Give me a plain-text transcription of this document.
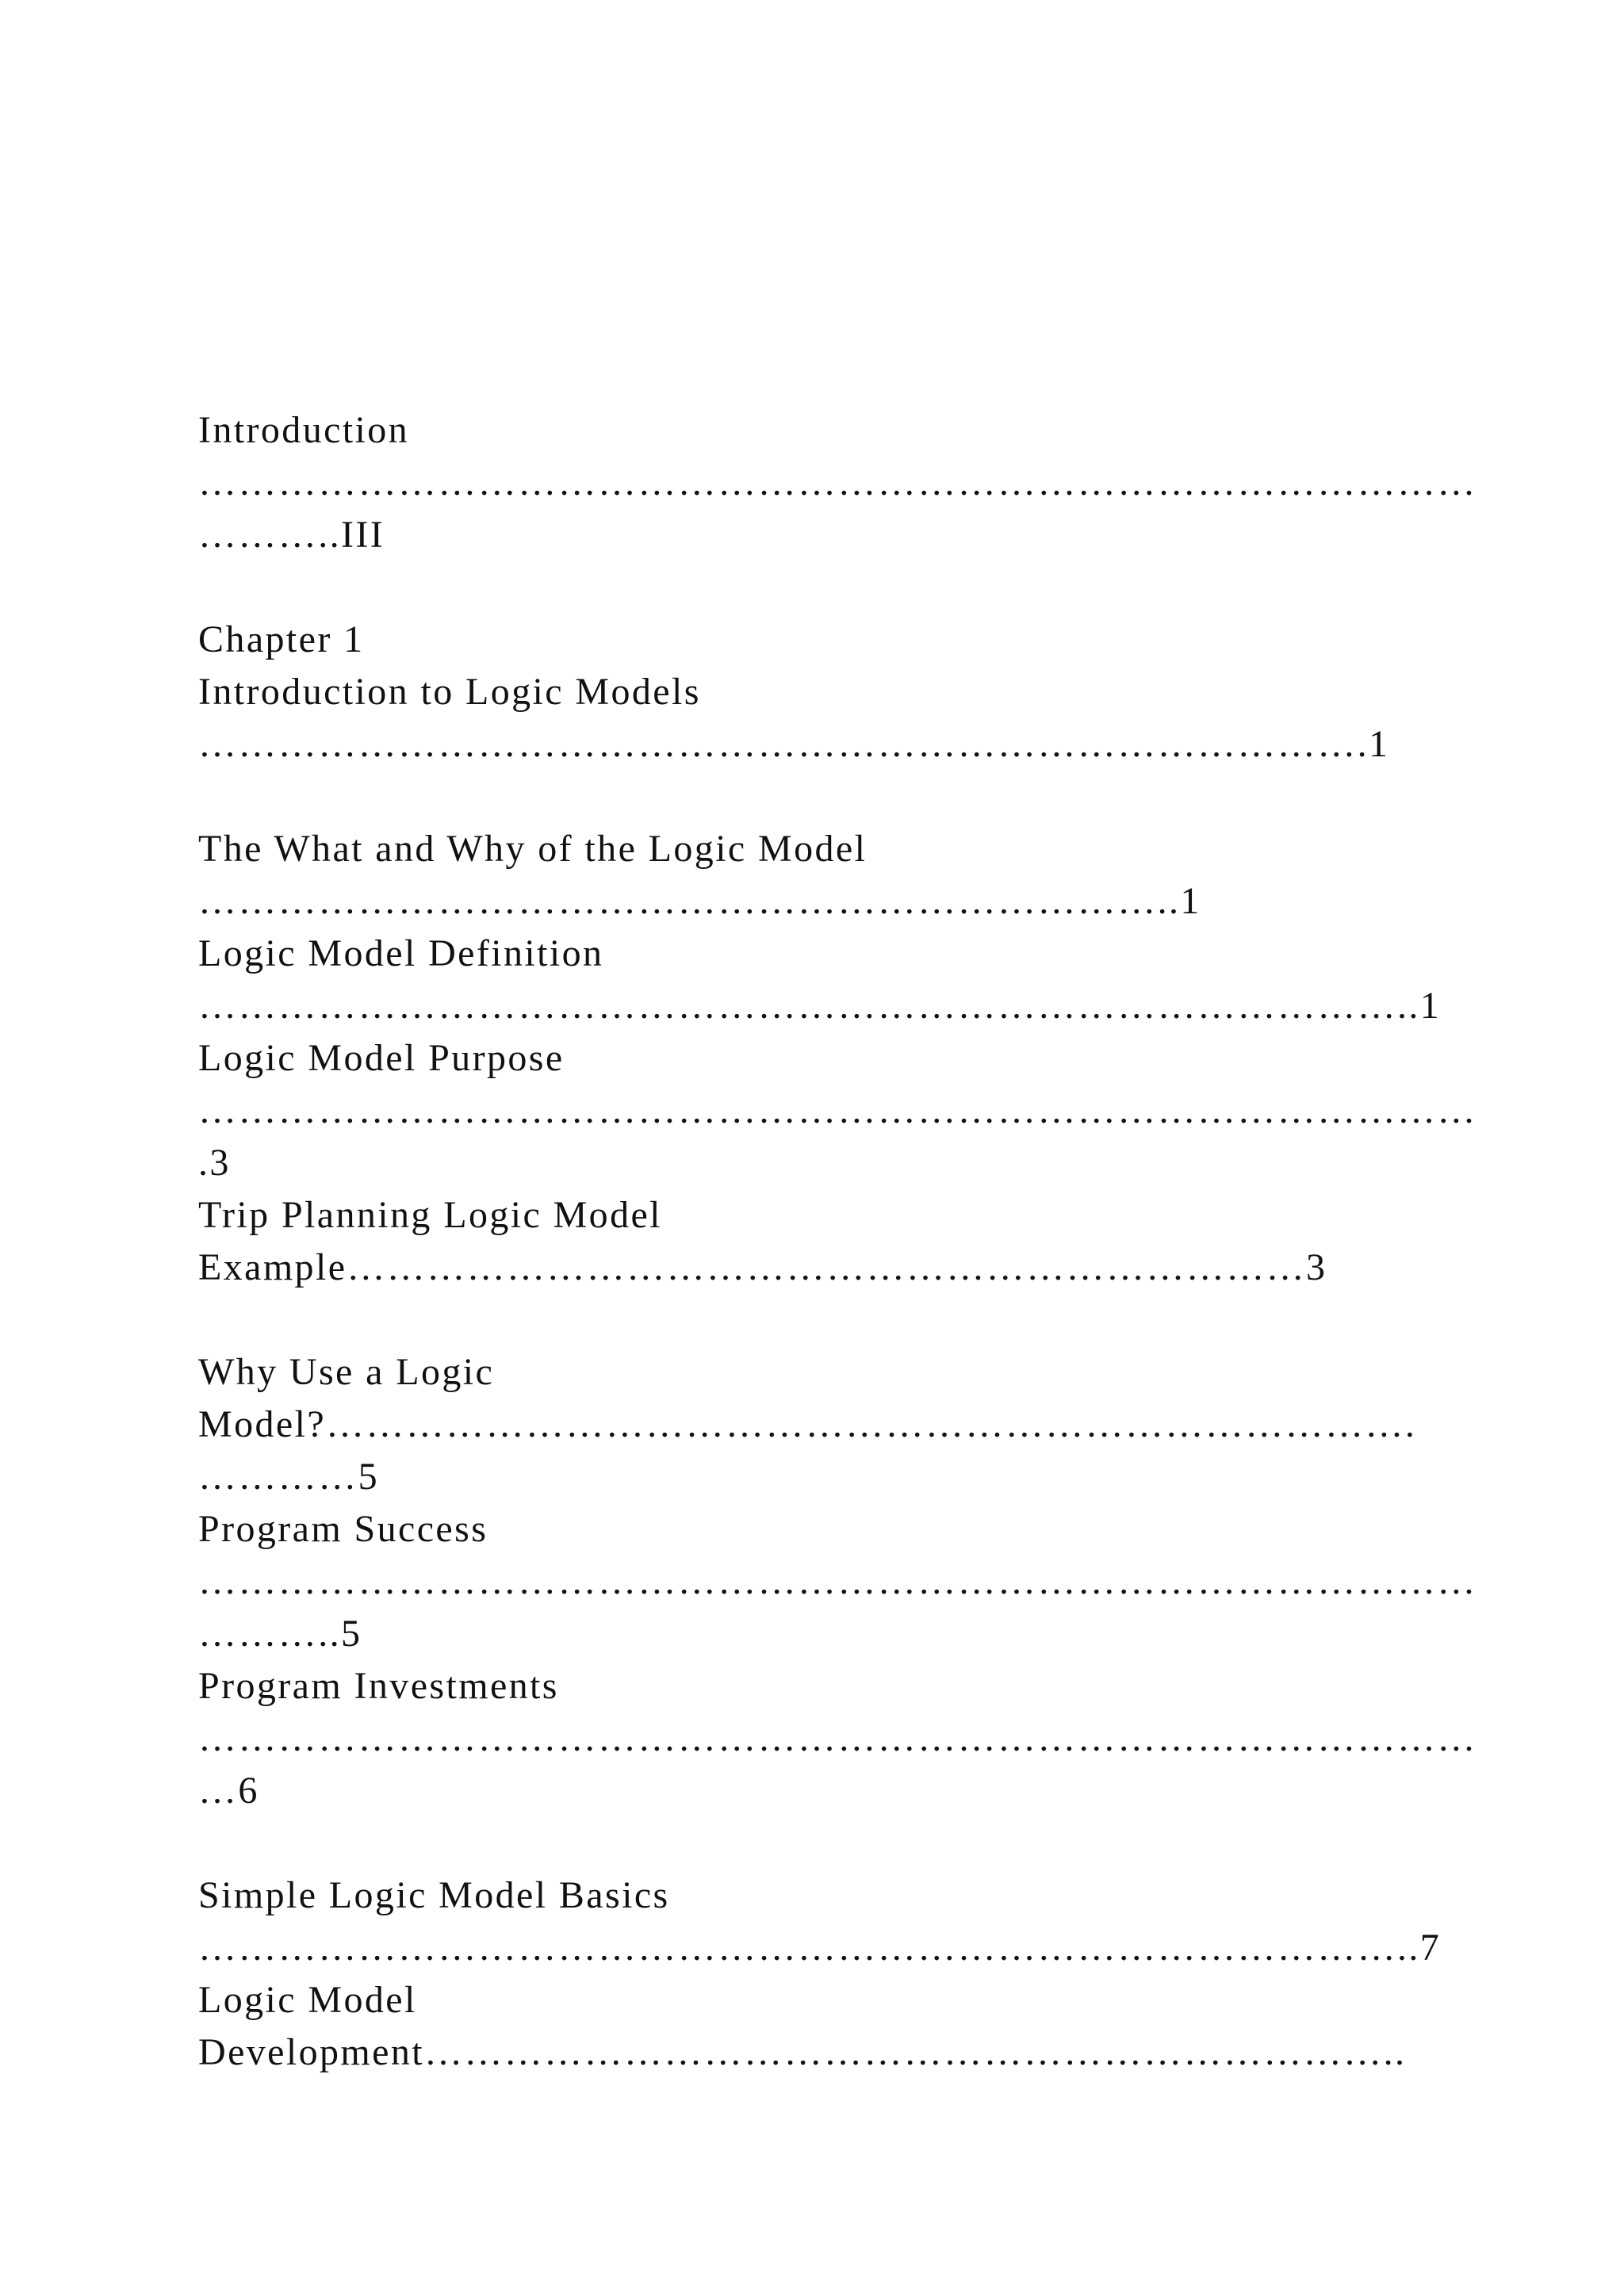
Introduction
……………………………………………………………………………………
………..III
Chapter 1
Introduction to Logic Models
…………………………………………………………………………….1
The What and Why of the Logic Model
………………………………………………………………..1
Logic Model Definition
………………………………………………………………………………..1
Logic Model Purpose
……………………………………………………………………………………
.3
Trip Planning Logic Model
Example………………………………………………………………3
Why Use a Logic
Model?……………………………………………………………………….
…………5
Program Success
……………………………………………………………………………………
………..5
Program Investments
……………………………………………………………………………………
…6
Simple Logic Model Basics
………………………………………………………………………………..7
Logic Model
Development………………………………………………………………..
